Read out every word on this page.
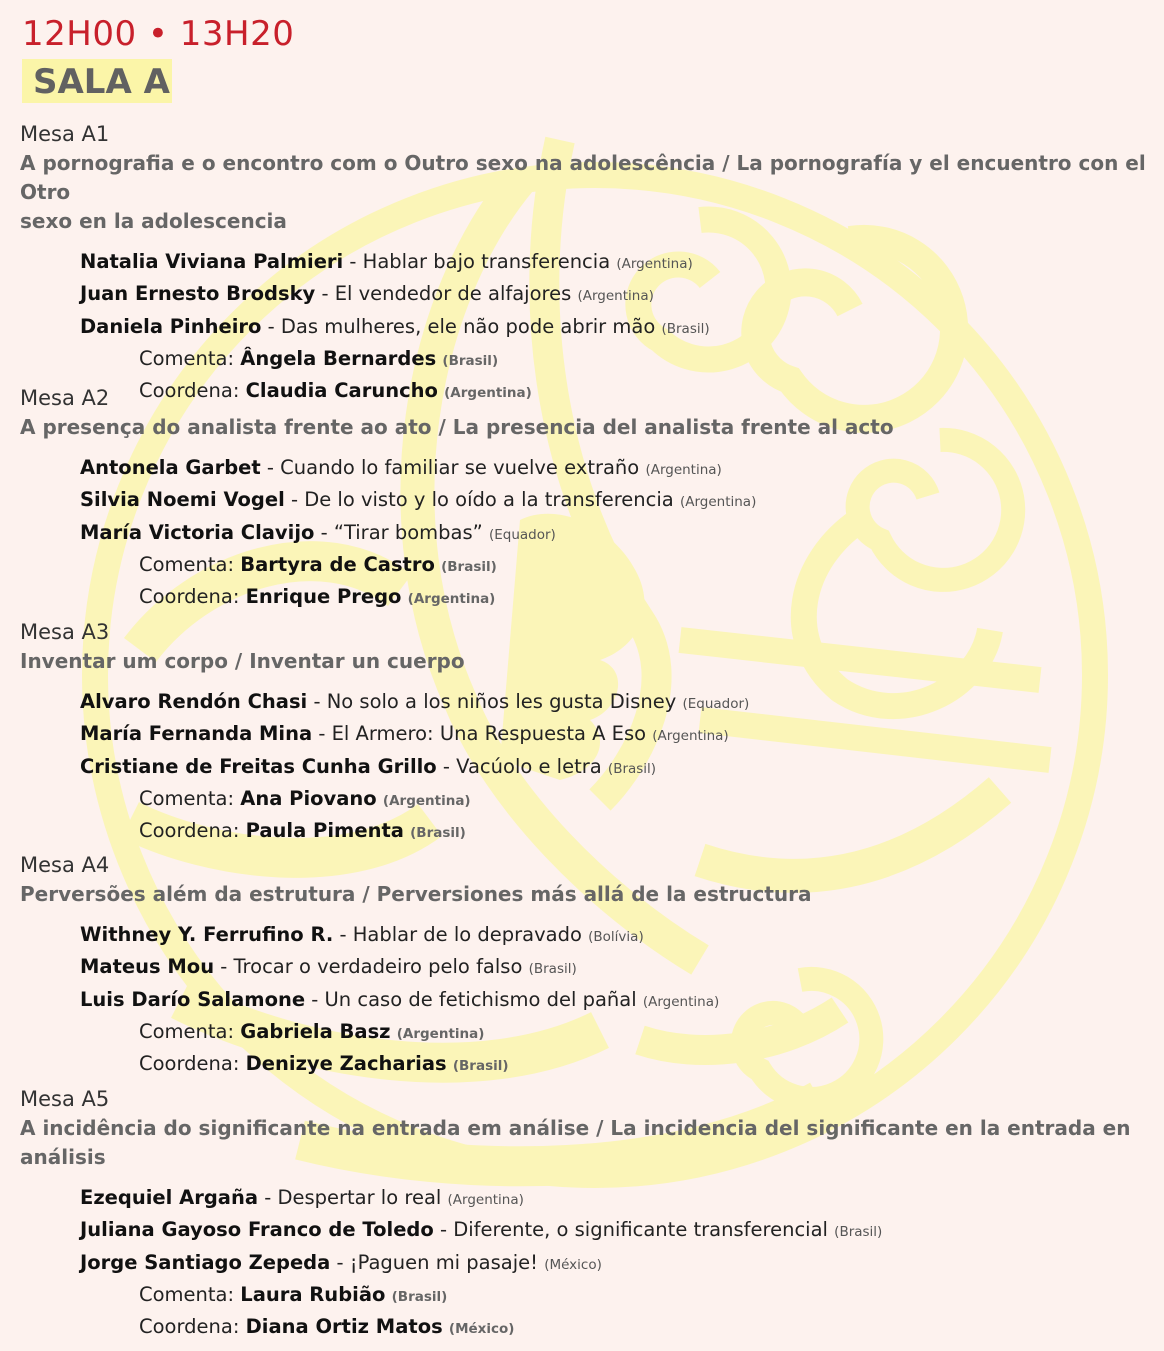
12H00 • 13H20
SALA A
Mesa A1
A pornografia e o encontro com o Outro sexo na adolescência / La pornografía y el encuentro con el Otro
sexo en la adolescencia
Natalia Viviana Palmieri - Hablar bajo transferencia (Argentina)
Juan Ernesto Brodsky - El vendedor de alfajores (Argentina)
Daniela Pinheiro - Das mulheres, ele não pode abrir mão (Brasil)
Comenta: Ângela Bernardes (Brasil)
Coordena: Claudia Caruncho (Argentina)
Mesa A2
A presença do analista frente ao ato / La presencia del analista frente al acto
Antonela Garbet - Cuando lo familiar se vuelve extraño (Argentina)
Silvia Noemi Vogel - De lo visto y lo oído a la transferencia (Argentina)
María Victoria Clavijo - “Tirar bombas” (Equador)
Comenta: Bartyra de Castro (Brasil)
Coordena: Enrique Prego (Argentina)
Mesa A3
Inventar um corpo / Inventar un cuerpo
Alvaro Rendón Chasi - No solo a los niños les gusta Disney (Equador)
María Fernanda Mina - El Armero: Una Respuesta A Eso (Argentina)
Cristiane de Freitas Cunha Grillo - Vacúolo e letra (Brasil)
Comenta: Ana Piovano (Argentina)
Coordena: Paula Pimenta (Brasil)
Mesa A4
Perversões além da estrutura / Perversiones más allá de la estructura
Withney Y. Ferrufino R. - Hablar de lo depravado (Bolívia)
Mateus Mou - Trocar o verdadeiro pelo falso (Brasil)
Luis Darío Salamone - Un caso de fetichismo del pañal (Argentina)
Comenta: Gabriela Basz (Argentina)
Coordena: Denizye Zacharias (Brasil)
Mesa A5
A incidência do significante na entrada em análise / La incidencia del significante en la entrada en análisis
Ezequiel Argaña - Despertar lo real (Argentina)
Juliana Gayoso Franco de Toledo - Diferente, o significante transferencial (Brasil)
Jorge Santiago Zepeda - ¡Paguen mi pasaje! (México)
Comenta: Laura Rubião (Brasil)
Coordena: Diana Ortiz Matos (México)
